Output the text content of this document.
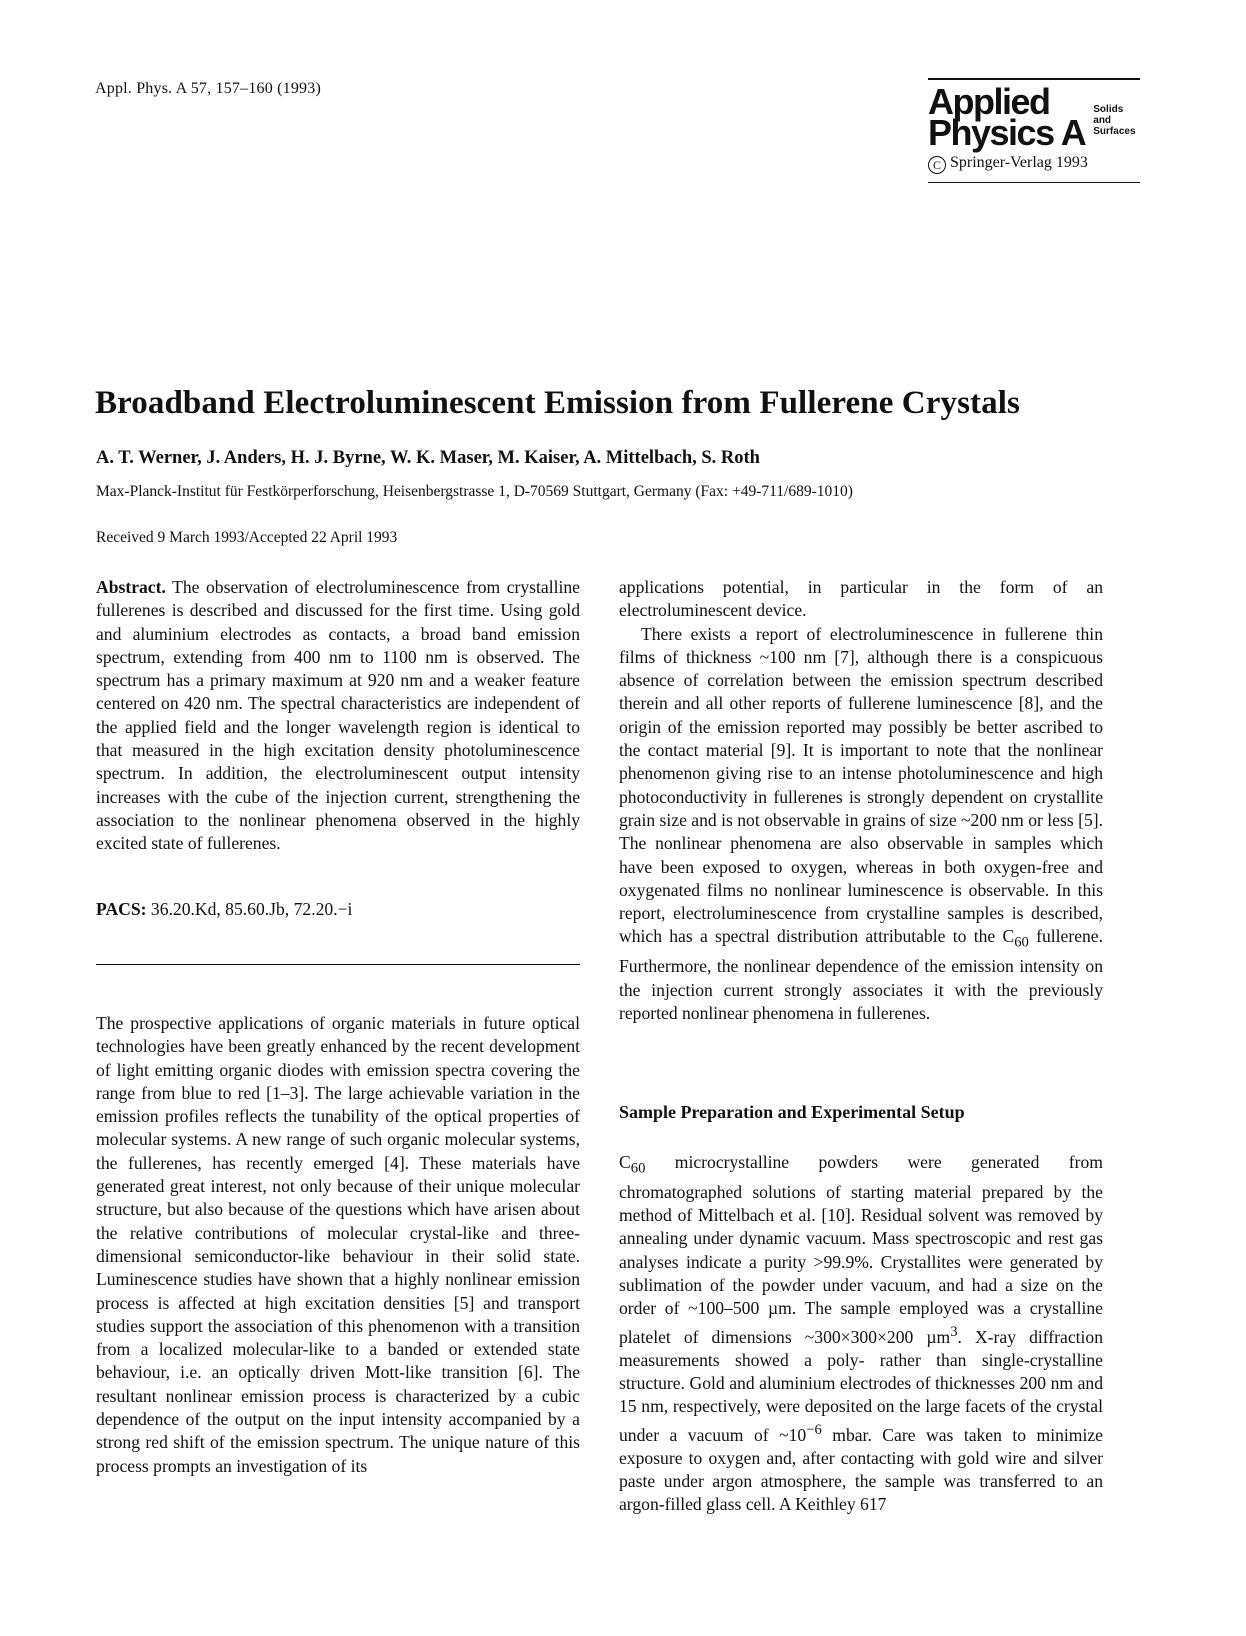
Appl. Phys. A 57, 157–160 (1993)	Applied
Physics A
Solids
and
Surfaces
C Springer-Verlag 1993
Broadband Electroluminescent Emission from Fullerene Crystals
A. T. Werner, J. Anders, H. J. Byrne, W. K. Maser, M. Kaiser, A. Mittelbach, S. Roth
Max-Planck-Institut für Festkörperforschung, Heisenbergstrasse 1, D-70569 Stuttgart, Germany (Fax: +49-711/689-1010)
Received 9 March 1993/Accepted 22 April 1993

Abstract. The observation of electroluminescence from crystalline fullerenes is described and discussed for the first time. Using gold and aluminium electrodes as contacts, a broad band emission spectrum, extending from 400 nm to 1100 nm is observed. The spectrum has a primary maximum at 920 nm and a weaker feature centered on 420 nm. The spectral characteristics are independent of the applied field and the longer wavelength region is identical to that measured in the high excitation density photoluminescence spectrum. In addition, the electroluminescent output intensity increases with the cube of the injection current, strengthening the association to the nonlinear phenomena observed in the highly excited state of fullerenes.

PACS: 36.20.Kd, 85.60.Jb, 72.20.−i

The prospective applications of organic materials in future optical technologies have been greatly enhanced by the recent development of light emitting organic diodes with emission spectra covering the range from blue to red [1–3]. The large achievable variation in the emission profiles reflects the tunability of the optical properties of molecular systems. A new range of such organic molecular systems, the fullerenes, has recently emerged [4]. These materials have generated great interest, not only because of their unique molecular structure, but also because of the questions which have arisen about the relative contributions of molecular crystal-like and three-dimensional semiconductor-like behaviour in their solid state. Luminescence studies have shown that a highly nonlinear emission process is affected at high excitation densities [5] and transport studies support the association of this phenomenon with a transition from a localized molecular-like to a banded or extended state behaviour, i.e. an optically driven Mott-like transition [6]. The resultant nonlinear emission process is characterized by a cubic dependence of the output on the input intensity accompanied by a strong red shift of the emission spectrum. The unique nature of this process prompts an investigation of its

applications potential, in particular in the form of an electroluminescent device.

There exists a report of electroluminescence in fullerene thin films of thickness ~100 nm [7], although there is a conspicuous absence of correlation between the emission spectrum described therein and all other reports of fullerene luminescence [8], and the origin of the emission reported may possibly be better ascribed to the contact material [9]. It is important to note that the nonlinear phenomenon giving rise to an intense photoluminescence and high photoconductivity in fullerenes is strongly dependent on crystallite grain size and is not observable in grains of size ~200 nm or less [5]. The nonlinear phenomena are also observable in samples which have been exposed to oxygen, whereas in both oxygen-free and oxygenated films no nonlinear luminescence is observable. In this report, electroluminescence from crystalline samples is described, which has a spectral distribution attributable to the $C_{60}$ fullerene. Furthermore, the nonlinear dependence of the emission intensity on the injection current strongly associates it with the previously reported nonlinear phenomena in fullerenes.

Sample Preparation and Experimental Setup

$C_{60}$ microcrystalline powders were generated from chromatographed solutions of starting material prepared by the method of Mittelbach et al. [10]. Residual solvent was removed by annealing under dynamic vacuum. Mass spectroscopic and rest gas analyses indicate a purity >99.9%. Crystallites were generated by sublimation of the powder under vacuum, and had a size on the order of ~100–500 µm. The sample employed was a crystalline platelet of dimensions ~300×300×200 µm$^3$. X-ray diffraction measurements showed a poly- rather than single-crystalline structure. Gold and aluminium electrodes of thicknesses 200 nm and 15 nm, respectively, were deposited on the large facets of the crystal under a vacuum of $\sim 10^{-6}$ mbar. Care was taken to minimize exposure to oxygen and, after contacting with gold wire and silver paste under argon atmosphere, the sample was transferred to an argon-filled glass cell. A Keithley 617
